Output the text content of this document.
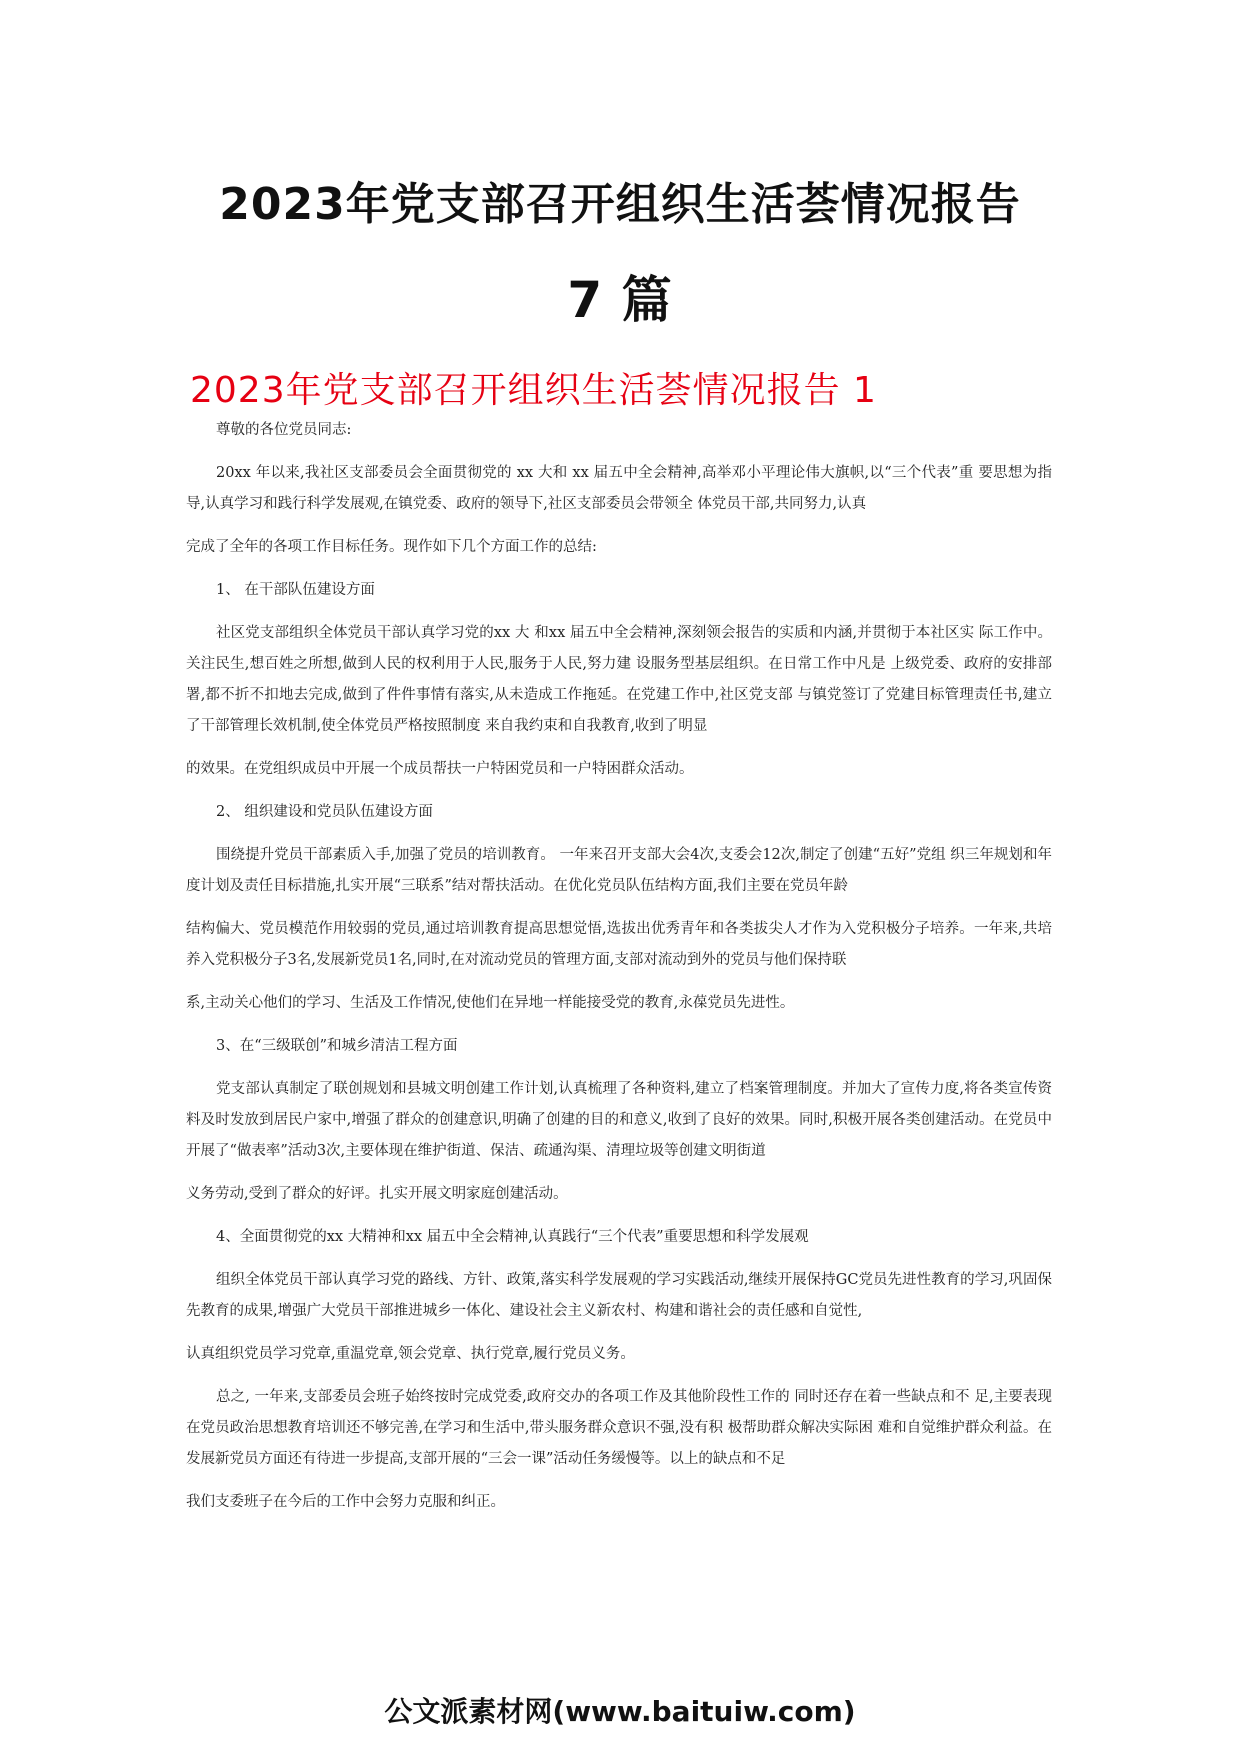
2023年党支部召开组织生活荟情况报告
7 篇
2023年党支部召开组织生活荟情况报告 1

尊敬的各位党员同志:

20xx 年以来,我社区支部委员会全面贯彻党的 xx 大和 xx 届五中全会精神,高举邓小平理论伟大旗帜,以“三个代表”重 要思想为指导,认真学习和践行科学发展观,在镇党委、政府的领导下,社区支部委员会带领全 体党员干部,共同努力,认真

完成了全年的各项工作目标任务。现作如下几个方面工作的总结:

1、 在干部队伍建设方面

社区党支部组织全体党员干部认真学习党的xx 大 和xx 届五中全会精神,深刻领会报告的实质和内涵,并贯彻于本社区实 际工作中。关注民生,想百姓之所想,做到人民的权利用于人民,服务于人民,努力建 设服务型基层组织。在日常工作中凡是 上级党委、政府的安排部署,都不折不扣地去完成,做到了件件事情有落实,从未造成工作拖延。在党建工作中,社区党支部 与镇党签订了党建目标管理责任书,建立了干部管理长效机制,使全体党员严格按照制度 来自我约束和自我教育,收到了明显

的效果。在党组织成员中开展一个成员帮扶一户特困党员和一户特困群众活动。

2、 组织建设和党员队伍建设方面

围绕提升党员干部素质入手,加强了党员的培训教育。 一年来召开支部大会4次,支委会12次,制定了创建“五好”党组 织三年规划和年度计划及责任目标措施,扎实开展“三联系”结对帮扶活动。在优化党员队伍结构方面,我们主要在党员年龄

结构偏大、党员模范作用较弱的党员,通过培训教育提高思想觉悟,选拔出优秀青年和各类拔尖人才作为入党积极分子培养。一年来,共培养入党积极分子3名,发展新党员1名,同时,在对流动党员的管理方面,支部对流动到外的党员与他们保持联

系,主动关心他们的学习、生活及工作情况,使他们在异地一样能接受党的教育,永葆党员先进性。

3、在“三级联创”和城乡清洁工程方面

党支部认真制定了联创规划和县城文明创建工作计划,认真梳理了各种资料,建立了档案管理制度。并加大了宣传力度,将各类宣传资料及时发放到居民户家中,增强了群众的创建意识,明确了创建的目的和意义,收到了良好的效果。同时,积极开展各类创建活动。在党员中开展了“做表率”活动3次,主要体现在维护街道、保洁、疏通沟渠、清理垃圾等创建文明街道

义务劳动,受到了群众的好评。扎实开展文明家庭创建活动。

4、全面贯彻党的xx 大精神和xx 届五中全会精神,认真践行“三个代表”重要思想和科学发展观

组织全体党员干部认真学习党的路线、方针、政策,落实科学发展观的学习实践活动,继续开展保持GC党员先进性教育的学习,巩固保先教育的成果,增强广大党员干部推进城乡一体化、建设社会主义新农村、构建和谐社会的责任感和自觉性,

认真组织党员学习党章,重温党章,领会党章、执行党章,履行党员义务。

总之, 一年来,支部委员会班子始终按时完成党委,政府交办的各项工作及其他阶段性工作的 同时还存在着一些缺点和不 足,主要表现在党员政治思想教育培训还不够完善,在学习和生活中,带头服务群众意识不强,没有积 极帮助群众解决实际困 难和自觉维护群众利益。在发展新党员方面还有待进一步提高,支部开展的“三会一课”活动任务缓慢等。以上的缺点和不足

我们支委班子在今后的工作中会努力克服和纠正。

公文派素材网(www.baituiw.com)
